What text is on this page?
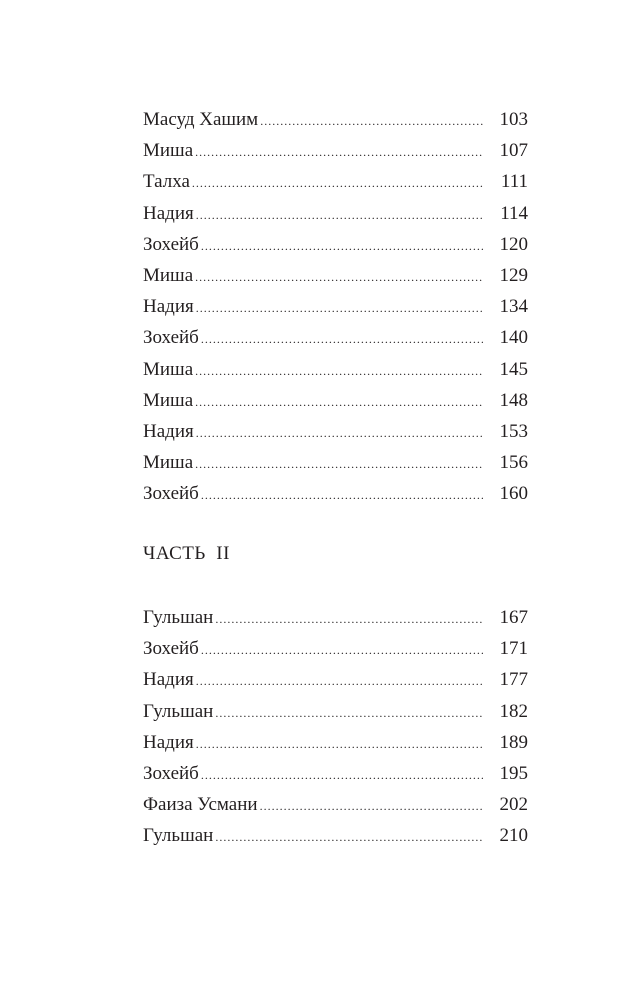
Масуд Хашим .....	103
Миша .....	107
Талха .....	111
Надия .....	114
Зохейб .....	120
Миша .....	129
Надия .....	134
Зохейб .....	140
Миша .....	145
Миша .....	148
Надия .....	153
Миша .....	156
Зохейб .....	160
ЧАСТЬ  II
Гульшан .....	167
Зохейб .....	171
Надия .....	177
Гульшан .....	182
Надия .....	189
Зохейб .....	195
Фаиза Усмани .....	202
Гульшан .....	210
